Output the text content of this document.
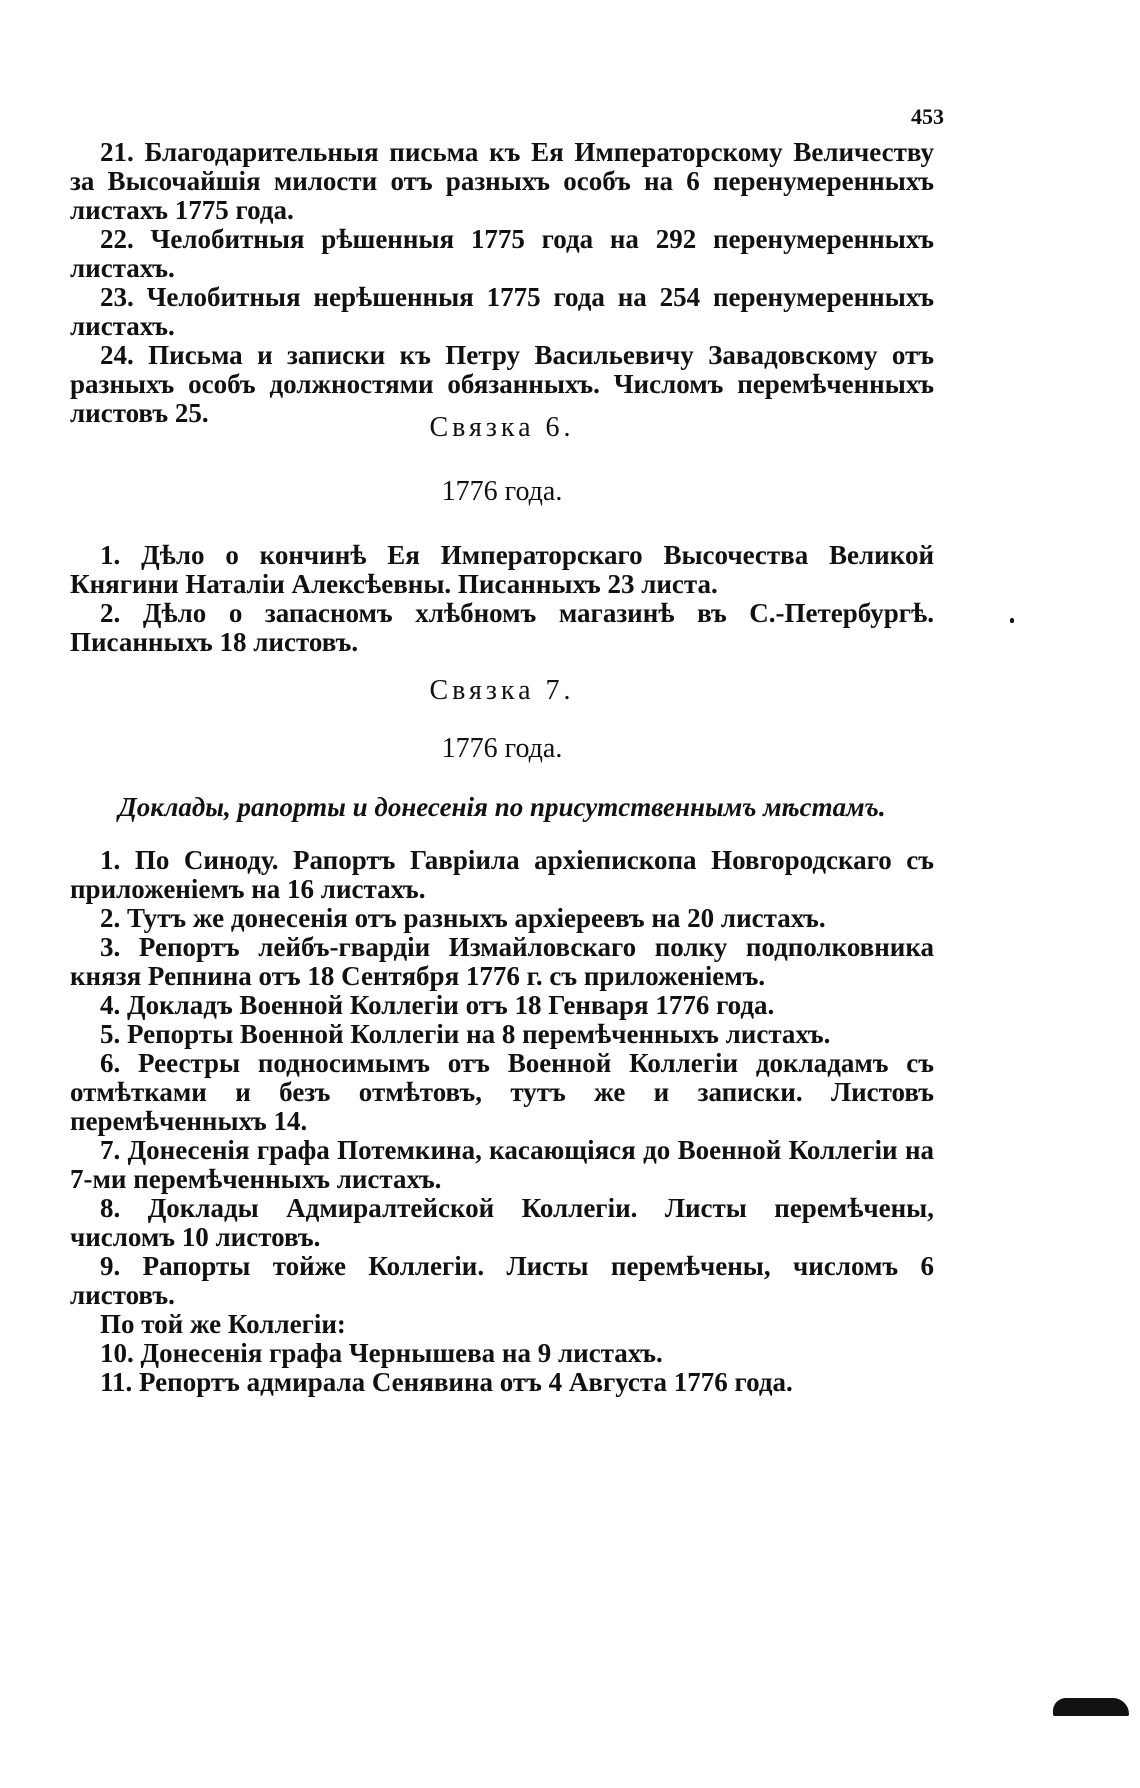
453

21. Благодарительныя письма къ Ея Императорскому Величеству за Высочайшія милости отъ разныхъ особъ на 6 перенумеренныхъ листахъ 1775 года.

22. Челобитныя рѣшенныя 1775 года на 292 перенумеренныхъ листахъ.

23. Челобитныя нерѣшенныя 1775 года на 254 перенумеренныхъ листахъ.

24. Письма и записки къ Петру Васильевичу Завадовскому отъ разныхъ особъ должностями обязанныхъ. Числомъ перемѣченныхъ листовъ 25.	Связка 6.
1776 года.

1. Дѣло о кончинѣ Ея Императорскаго Высочества Великой Княгини Наталіи Алексѣевны. Писанныхъ 23 листа.

2. Дѣло о запасномъ хлѣбномъ магазинѣ въ С.-Петербургѣ. Писанныхъ 18 листовъ.

Связка 7.
1776 года.
Доклады, рапорты и донесенія по присутственнымъ мѣстамъ.

1. По Синоду. Рапортъ Гавріила архіепископа Новгородскаго съ приложеніемъ на 16 листахъ.

2. Тутъ же донесенія отъ разныхъ архіереевъ на 20 листахъ.

3. Репортъ лейбъ-гвардіи Измайловскаго полку подполковника князя Репнина отъ 18 Сентября 1776 г. съ приложеніемъ.

4. Докладъ Военной Коллегіи отъ 18 Генваря 1776 года.

5. Репорты Военной Коллегіи на 8 перемѣченныхъ листахъ.

6. Реестры подносимымъ отъ Военной Коллегіи докладамъ съ отмѣтками и безъ отмѣтовъ, тутъ же и записки. Листовъ перемѣченныхъ 14.

7. Донесенія графа Потемкина, касающіяся до Военной Коллегіи на 7-ми перемѣченныхъ листахъ.

8. Доклады Адмиралтейской Коллегіи. Листы перемѣчены, числомъ 10 листовъ.

9. Рапорты тойже Коллегіи. Листы перемѣчены, числомъ 6 листовъ.

По той же Коллегіи:

10. Донесенія графа Чернышева на 9 листахъ.

11. Репортъ адмирала Сенявина отъ 4 Августа 1776 года.
